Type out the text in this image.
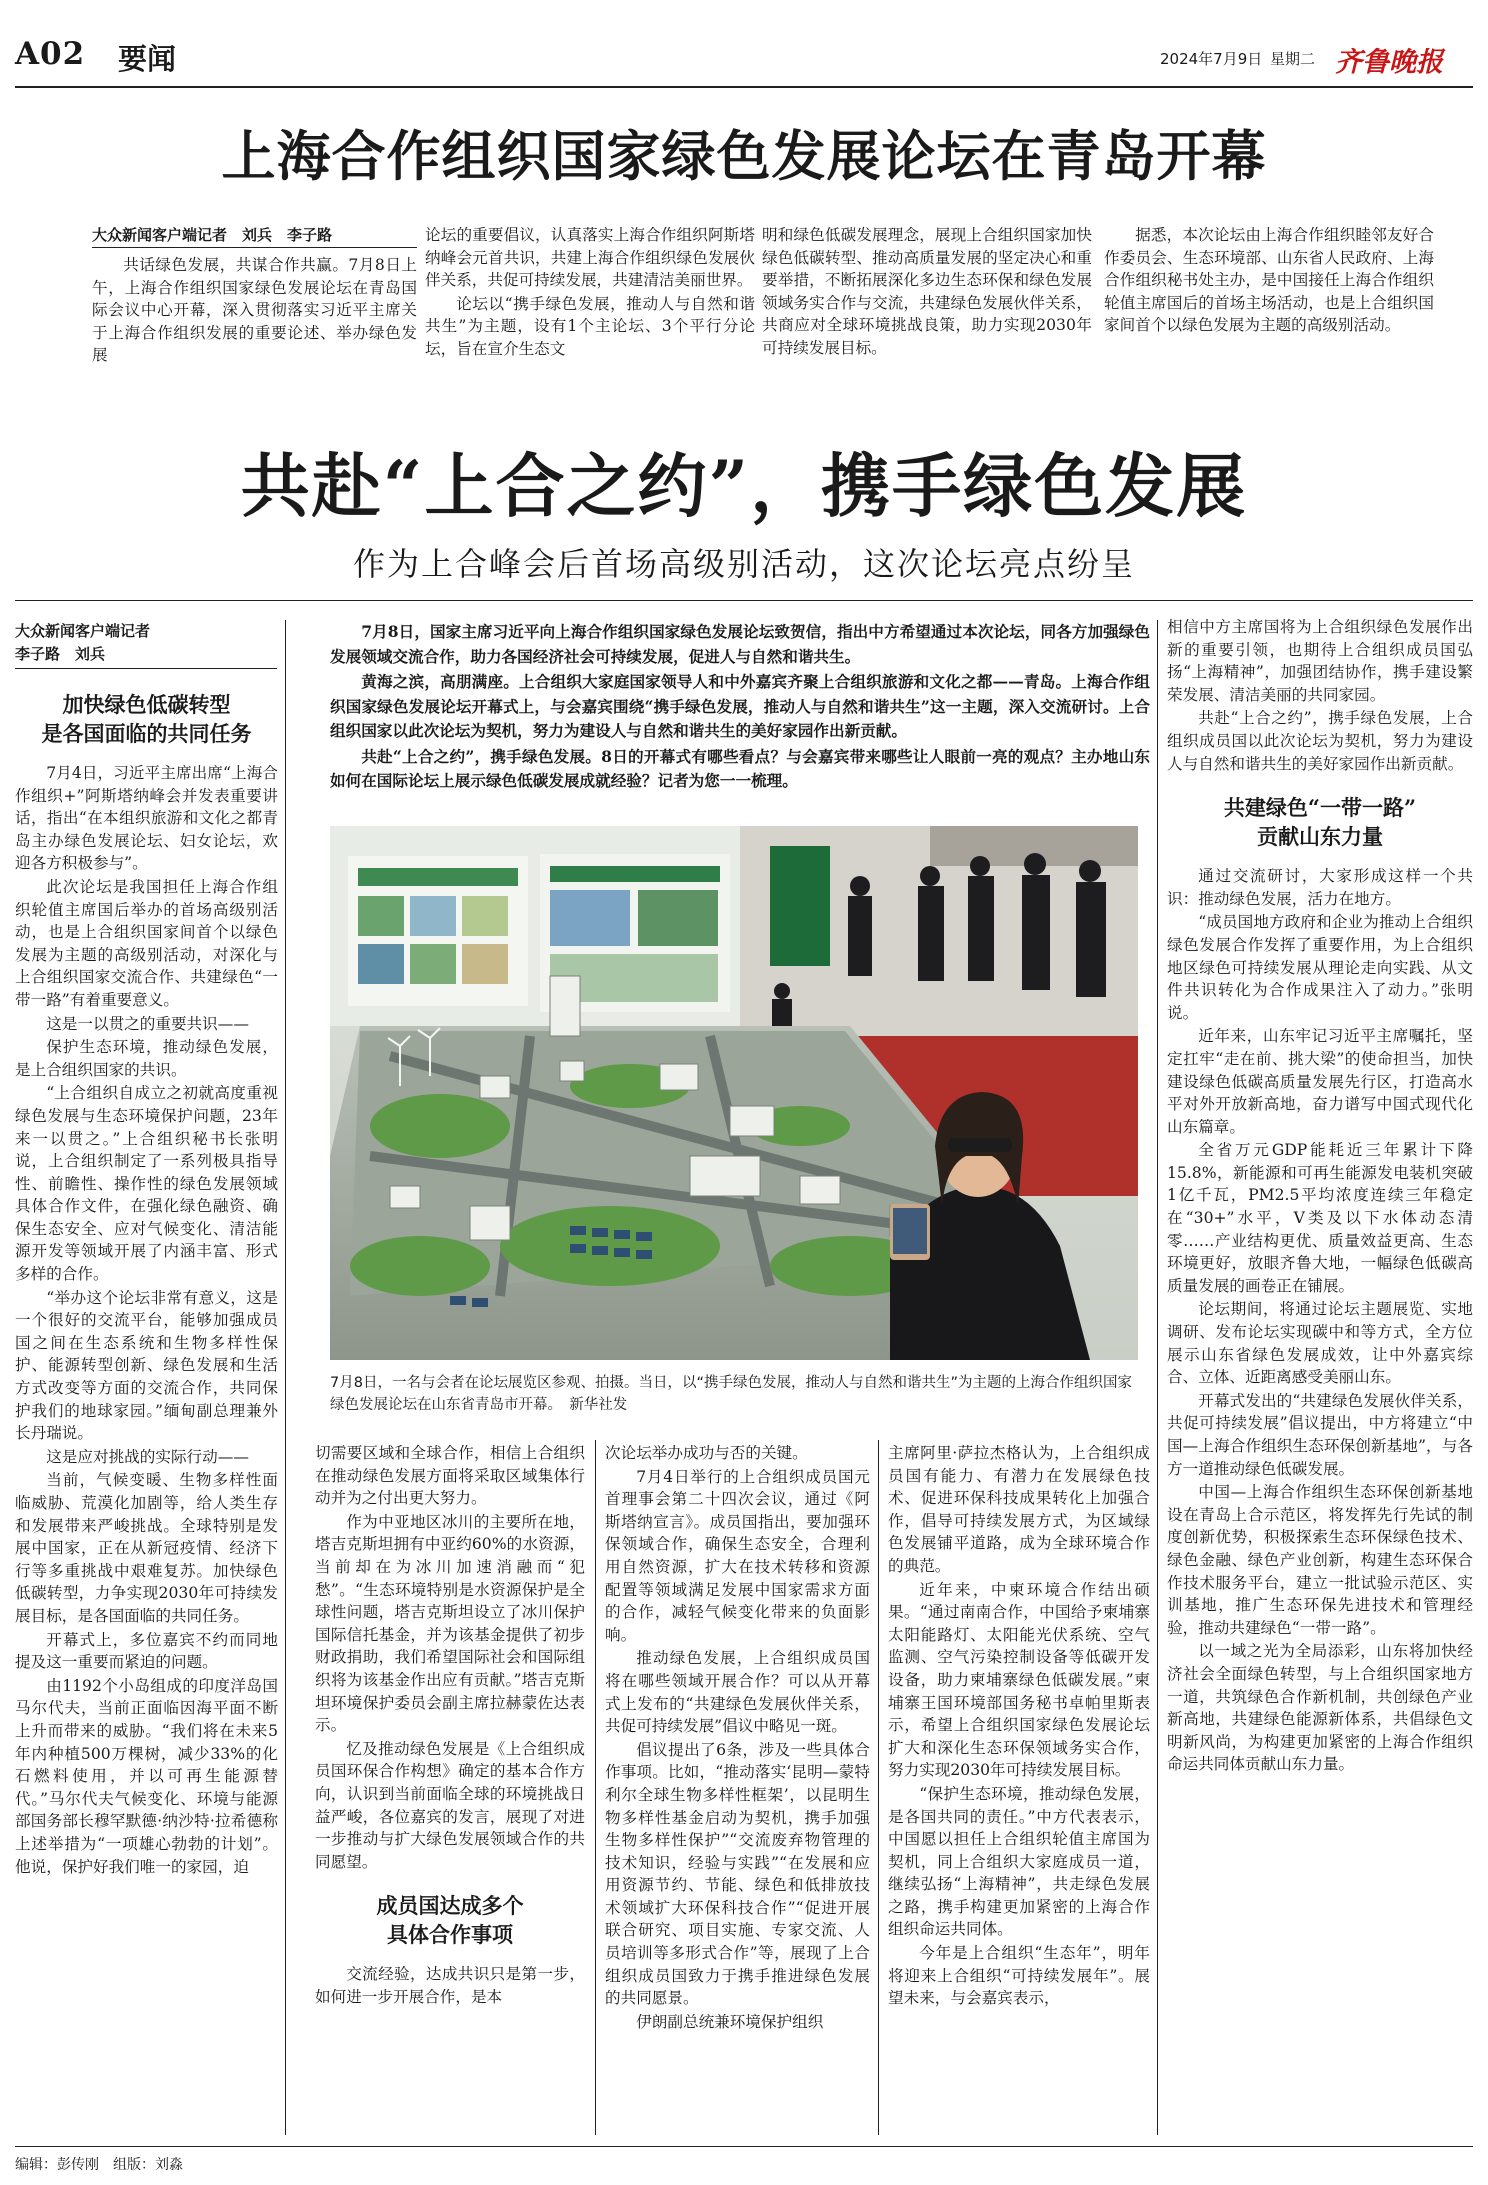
A02 要闻	2024年7月9日 星期二 齐鲁晚报
上海合作组织国家绿色发展论坛在青岛开幕
大众新闻客户端记者　刘兵　李子路

共话绿色发展，共谋合作共赢。7月8日上午，上海合作组织国家绿色发展论坛在青岛国际会议中心开幕，深入贯彻落实习近平主席关于上海合作组织发展的重要论述、举办绿色发展

论坛的重要倡议，认真落实上海合作组织阿斯塔纳峰会元首共识，共建上海合作组织绿色发展伙伴关系，共促可持续发展，共建清洁美丽世界。

论坛以“携手绿色发展，推动人与自然和谐共生”为主题，设有1个主论坛、3个平行分论坛，旨在宣介生态文

明和绿色低碳发展理念，展现上合组织国家加快绿色低碳转型、推动高质量发展的坚定决心和重要举措，不断拓展深化多边生态环保和绿色发展领域务实合作与交流，共建绿色发展伙伴关系，共商应对全球环境挑战良策，助力实现2030年可持续发展目标。

据悉，本次论坛由上海合作组织睦邻友好合作委员会、生态环境部、山东省人民政府、上海合作组织秘书处主办，是中国接任上海合作组织轮值主席国后的首场主场活动，也是上合组织国家间首个以绿色发展为主题的高级别活动。

共赴“上合之约”，携手绿色发展
作为上合峰会后首场高级别活动，这次论坛亮点纷呈
大众新闻客户端记者
李子路　刘兵
加快绿色低碳转型
是各国面临的共同任务

7月4日，习近平主席出席“上海合作组织+”阿斯塔纳峰会并发表重要讲话，指出“在本组织旅游和文化之都青岛主办绿色发展论坛、妇女论坛，欢迎各方积极参与”。

此次论坛是我国担任上海合作组织轮值主席国后举办的首场高级别活动，也是上合组织国家间首个以绿色发展为主题的高级别活动，对深化与上合组织国家交流合作、共建绿色“一带一路”有着重要意义。

这是一以贯之的重要共识——

保护生态环境，推动绿色发展，是上合组织国家的共识。

“上合组织自成立之初就高度重视绿色发展与生态环境保护问题，23年来一以贯之。”上合组织秘书长张明说，上合组织制定了一系列极具指导性、前瞻性、操作性的绿色发展领域具体合作文件，在强化绿色融资、确保生态安全、应对气候变化、清洁能源开发等领域开展了内涵丰富、形式多样的合作。

“举办这个论坛非常有意义，这是一个很好的交流平台，能够加强成员国之间在生态系统和生物多样性保护、能源转型创新、绿色发展和生活方式改变等方面的交流合作，共同保护我们的地球家园。”缅甸副总理兼外长丹瑞说。

这是应对挑战的实际行动——

当前，气候变暖、生物多样性面临威胁、荒漠化加剧等，给人类生存和发展带来严峻挑战。全球特别是发展中国家，正在从新冠疫情、经济下行等多重挑战中艰难复苏。加快绿色低碳转型，力争实现2030年可持续发展目标，是各国面临的共同任务。

开幕式上，多位嘉宾不约而同地提及这一重要而紧迫的问题。

由1192个小岛组成的印度洋岛国马尔代夫，当前正面临因海平面不断上升而带来的威胁。“我们将在未来5年内种植500万棵树，减少33%的化石燃料使用，并以可再生能源替代。”马尔代夫气候变化、环境与能源部国务部长穆罕默德·纳沙特·拉希德称上述举措为“一项雄心勃勃的计划”。他说，保护好我们唯一的家园，迫

7月8日，国家主席习近平向上海合作组织国家绿色发展论坛致贺信，指出中方希望通过本次论坛，同各方加强绿色发展领域交流合作，助力各国经济社会可持续发展，促进人与自然和谐共生。

黄海之滨，高朋满座。上合组织大家庭国家领导人和中外嘉宾齐聚上合组织旅游和文化之都——青岛。上海合作组织国家绿色发展论坛开幕式上，与会嘉宾围绕“携手绿色发展，推动人与自然和谐共生”这一主题，深入交流研讨。上合组织国家以此次论坛为契机，努力为建设人与自然和谐共生的美好家园作出新贡献。

共赴“上合之约”，携手绿色发展。8日的开幕式有哪些看点？与会嘉宾带来哪些让人眼前一亮的观点？主办地山东如何在国际论坛上展示绿色低碳发展成就经验？记者为您一一梳理。

7月8日，一名与会者在论坛展览区参观、拍摄。当日，以“携手绿色发展，推动人与自然和谐共生”为主题的上海合作组织国家绿色发展论坛在山东省青岛市开幕。　新华社发

切需要区域和全球合作，相信上合组织在推动绿色发展方面将采取区域集体行动并为之付出更大努力。

作为中亚地区冰川的主要所在地，塔吉克斯坦拥有中亚约60%的水资源，当前却在为冰川加速消融而“犯愁”。“生态环境特别是水资源保护是全球性问题，塔吉克斯坦设立了冰川保护国际信托基金，并为该基金提供了初步财政捐助，我们希望国际社会和国际组织将为该基金作出应有贡献。”塔吉克斯坦环境保护委员会副主席拉赫蒙佐达表示。

忆及推动绿色发展是《上合组织成员国环保合作构想》确定的基本合作方向，认识到当前面临全球的环境挑战日益严峻，各位嘉宾的发言，展现了对进一步推动与扩大绿色发展领域合作的共同愿望。

成员国达成多个
具体合作事项

交流经验，达成共识只是第一步，如何进一步开展合作，是本

次论坛举办成功与否的关键。

7月4日举行的上合组织成员国元首理事会第二十四次会议，通过《阿斯塔纳宣言》。成员国指出，要加强环保领域合作，确保生态安全，合理利用自然资源，扩大在技术转移和资源配置等领域满足发展中国家需求方面的合作，减轻气候变化带来的负面影响。

推动绿色发展，上合组织成员国将在哪些领域开展合作？可以从开幕式上发布的“共建绿色发展伙伴关系，共促可持续发展”倡议中略见一斑。

倡议提出了6条，涉及一些具体合作事项。比如，“推动落实‘昆明—蒙特利尔全球生物多样性框架’，以昆明生物多样性基金启动为契机，携手加强生物多样性保护”“交流废弃物管理的技术知识，经验与实践”“在发展和应用资源节约、节能、绿色和低排放技术领域扩大环保科技合作”“促进开展联合研究、项目实施、专家交流、人员培训等多形式合作”等，展现了上合组织成员国致力于携手推进绿色发展的共同愿景。

伊朗副总统兼环境保护组织

主席阿里·萨拉杰格认为，上合组织成员国有能力、有潜力在发展绿色技术、促进环保科技成果转化上加强合作，倡导可持续发展方式，为区域绿色发展铺平道路，成为全球环境合作的典范。

近年来，中柬环境合作结出硕果。“通过南南合作，中国给予柬埔寨太阳能路灯、太阳能光伏系统、空气监测、空气污染控制设备等低碳开发设备，助力柬埔寨绿色低碳发展。”柬埔寨王国环境部国务秘书卓帕里斯表示，希望上合组织国家绿色发展论坛扩大和深化生态环保领域务实合作，努力实现2030年可持续发展目标。

“保护生态环境，推动绿色发展，是各国共同的责任。”中方代表表示，中国愿以担任上合组织轮值主席国为契机，同上合组织大家庭成员一道，继续弘扬“上海精神”，共走绿色发展之路，携手构建更加紧密的上海合作组织命运共同体。

今年是上合组织“生态年”，明年将迎来上合组织“可持续发展年”。展望未来，与会嘉宾表示，

相信中方主席国将为上合组织绿色发展作出新的重要引领，也期待上合组织成员国弘扬“上海精神”，加强团结协作，携手建设繁荣发展、清洁美丽的共同家园。

共赴“上合之约”，携手绿色发展，上合组织成员国以此次论坛为契机，努力为建设人与自然和谐共生的美好家园作出新贡献。

共建绿色“一带一路”
贡献山东力量

通过交流研讨，大家形成这样一个共识：推动绿色发展，活力在地方。

“成员国地方政府和企业为推动上合组织绿色发展合作发挥了重要作用，为上合组织地区绿色可持续发展从理论走向实践、从文件共识转化为合作成果注入了动力。”张明说。

近年来，山东牢记习近平主席嘱托，坚定扛牢“走在前、挑大梁”的使命担当，加快建设绿色低碳高质量发展先行区，打造高水平对外开放新高地，奋力谱写中国式现代化山东篇章。

全省万元GDP能耗近三年累计下降15.8%，新能源和可再生能源发电装机突破1亿千瓦，PM2.5平均浓度连续三年稳定在“30+”水平，V类及以下水体动态清零……产业结构更优、质量效益更高、生态环境更好，放眼齐鲁大地，一幅绿色低碳高质量发展的画卷正在铺展。

论坛期间，将通过论坛主题展览、实地调研、发布论坛实现碳中和等方式，全方位展示山东省绿色发展成效，让中外嘉宾综合、立体、近距离感受美丽山东。

开幕式发出的“共建绿色发展伙伴关系，共促可持续发展”倡议提出，中方将建立“中国—上海合作组织生态环保创新基地”，与各方一道推动绿色低碳发展。

中国—上海合作组织生态环保创新基地设在青岛上合示范区，将发挥先行先试的制度创新优势，积极探索生态环保绿色技术、绿色金融、绿色产业创新，构建生态环保合作技术服务平台，建立一批试验示范区、实训基地，推广生态环保先进技术和管理经验，推动共建绿色“一带一路”。

以一域之光为全局添彩，山东将加快经济社会全面绿色转型，与上合组织国家地方一道，共筑绿色合作新机制，共创绿色产业新高地，共建绿色能源新体系，共倡绿色文明新风尚，为构建更加紧密的上海合作组织命运共同体贡献山东力量。

编辑：彭传刚　组版：刘淼
